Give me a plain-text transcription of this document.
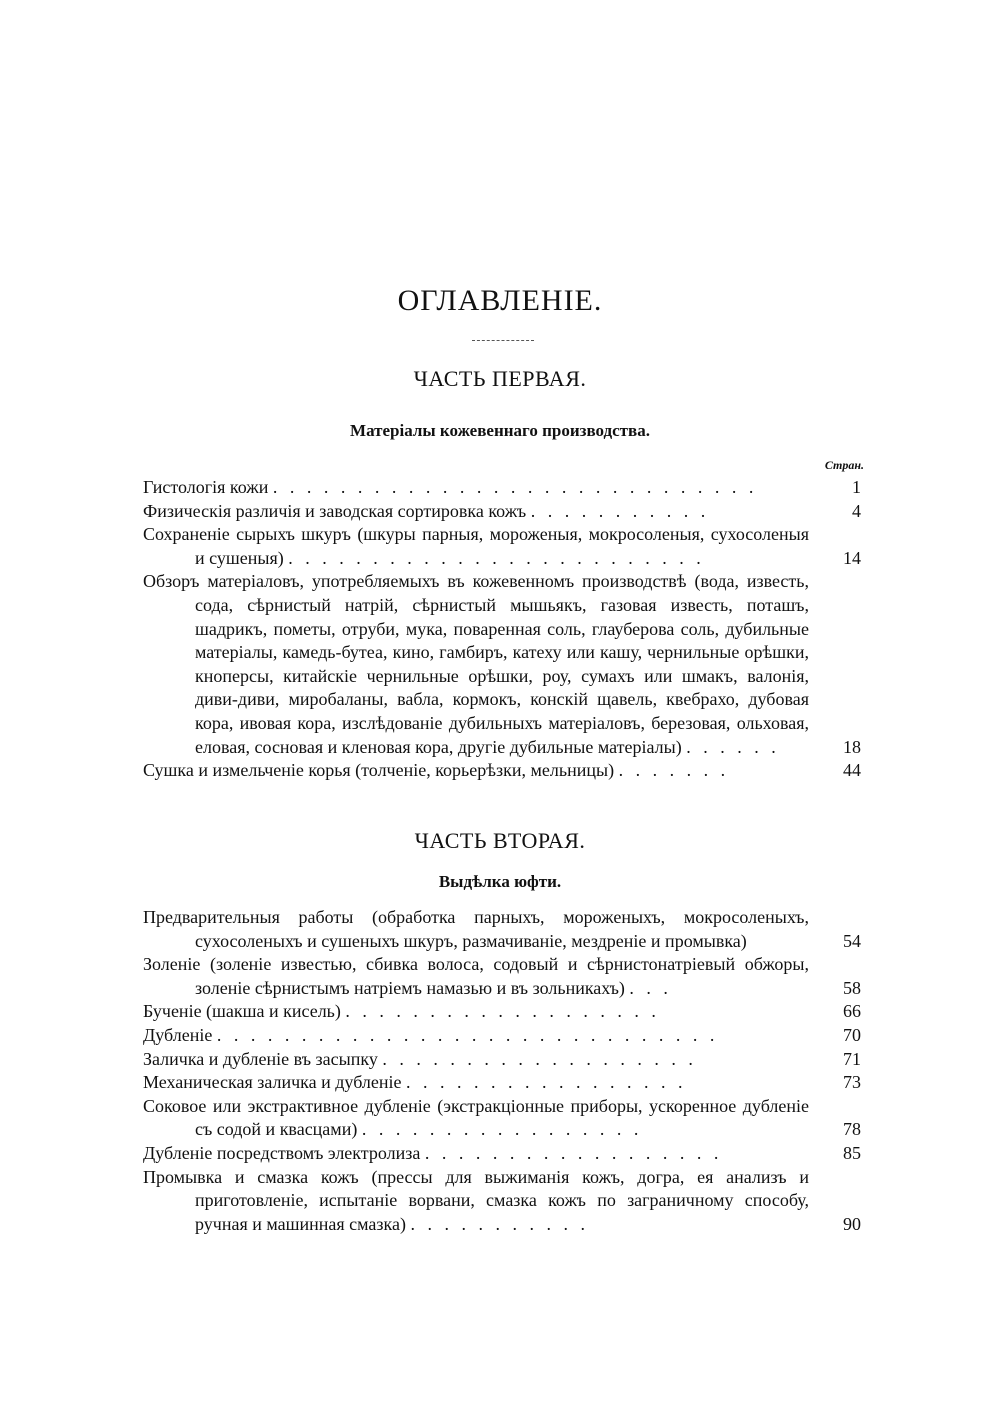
ОГЛАВЛЕНIЕ.
ЧАСТЬ ПЕРВАЯ.
Матерiалы кожевеннаго производства.
Стран.
Гистологiя кожи . . . . . . . . . . . . . . . . . . . . . . . . . . . . .	1
Физическiя различiя и заводская сортировка кожъ . . . . . . . . . . .	4
Сохраненiе сырыхъ шкуръ (шкуры парныя, мороженыя, мокросоленыя, сухосоленыя и сушеныя) . . . . . . . . . . . . . . . . . . . . . . . . .	14
Обзоръ матерiаловъ, употребляемыхъ въ кожевенномъ производствѣ (вода, известь, сода, сѣрнистый натрiй, сѣрнистый мышьякъ, газовая известь, поташъ, шадрикъ, пометы, отруби, мука, поваренная соль, глауберова соль, дубильные матерiалы, камедь-бутеа, кино, гамбиръ, катеху или кашу, чернильные орѣшки, кноперсы, китайскiе чернильные орѣшки, роу, сумахъ или шмакъ, валонiя, диви-диви, миробаланы, вабла, кормокъ, конскiй щавель, квебрахо, дубовая кора, ивовая кора, изслѣдованiе дубильныхъ матерiаловъ, березовая, ольховая, еловая, сосновая и кленовая кора, другiе дубильные матерiалы) . . . . . .	18
Сушка и измельченiе корья (толченiе, корьерѣзки, мельницы) . . . . . . .	44
ЧАСТЬ ВТОРАЯ.
Выдѣлка юфти.
Предварительныя работы (обработка парныхъ, мороженыхъ, мокросоленыхъ, сухосоленыхъ и сушеныхъ шкуръ, размачиванiе, мездренiе и промывка)	54
Золенiе (золенiе известью, сбивка волоса, содовый и сѣрнистонатрiевый обжоры, золенiе сѣрнистымъ натрiемъ намазью и въ зольникахъ) . . .	58
Бученiе (шакша и кисель) . . . . . . . . . . . . . . . . . . .	66
Дубленiе . . . . . . . . . . . . . . . . . . . . . . . . . . . . . .	70
Заличка и дубленiе въ засыпку . . . . . . . . . . . . . . . . . . .	71
Механическая заличка и дубленiе . . . . . . . . . . . . . . . . .	73
Соковое или экстрактивное дубленiе (экстракцiонные приборы, ускоренное дубленiе съ содой и квасцами) . . . . . . . . . . . . . . . . .	78
Дубленiе посредствомъ электролиза . . . . . . . . . . . . . . . . . .	85
Промывка и смазка кожъ (прессы для выжиманiя кожъ, догра, ея анализъ и приготовленiе, испытанiе ворвани, смазка кожъ по заграничному способу, ручная и машинная смазка) . . . . . . . . . . .	90
